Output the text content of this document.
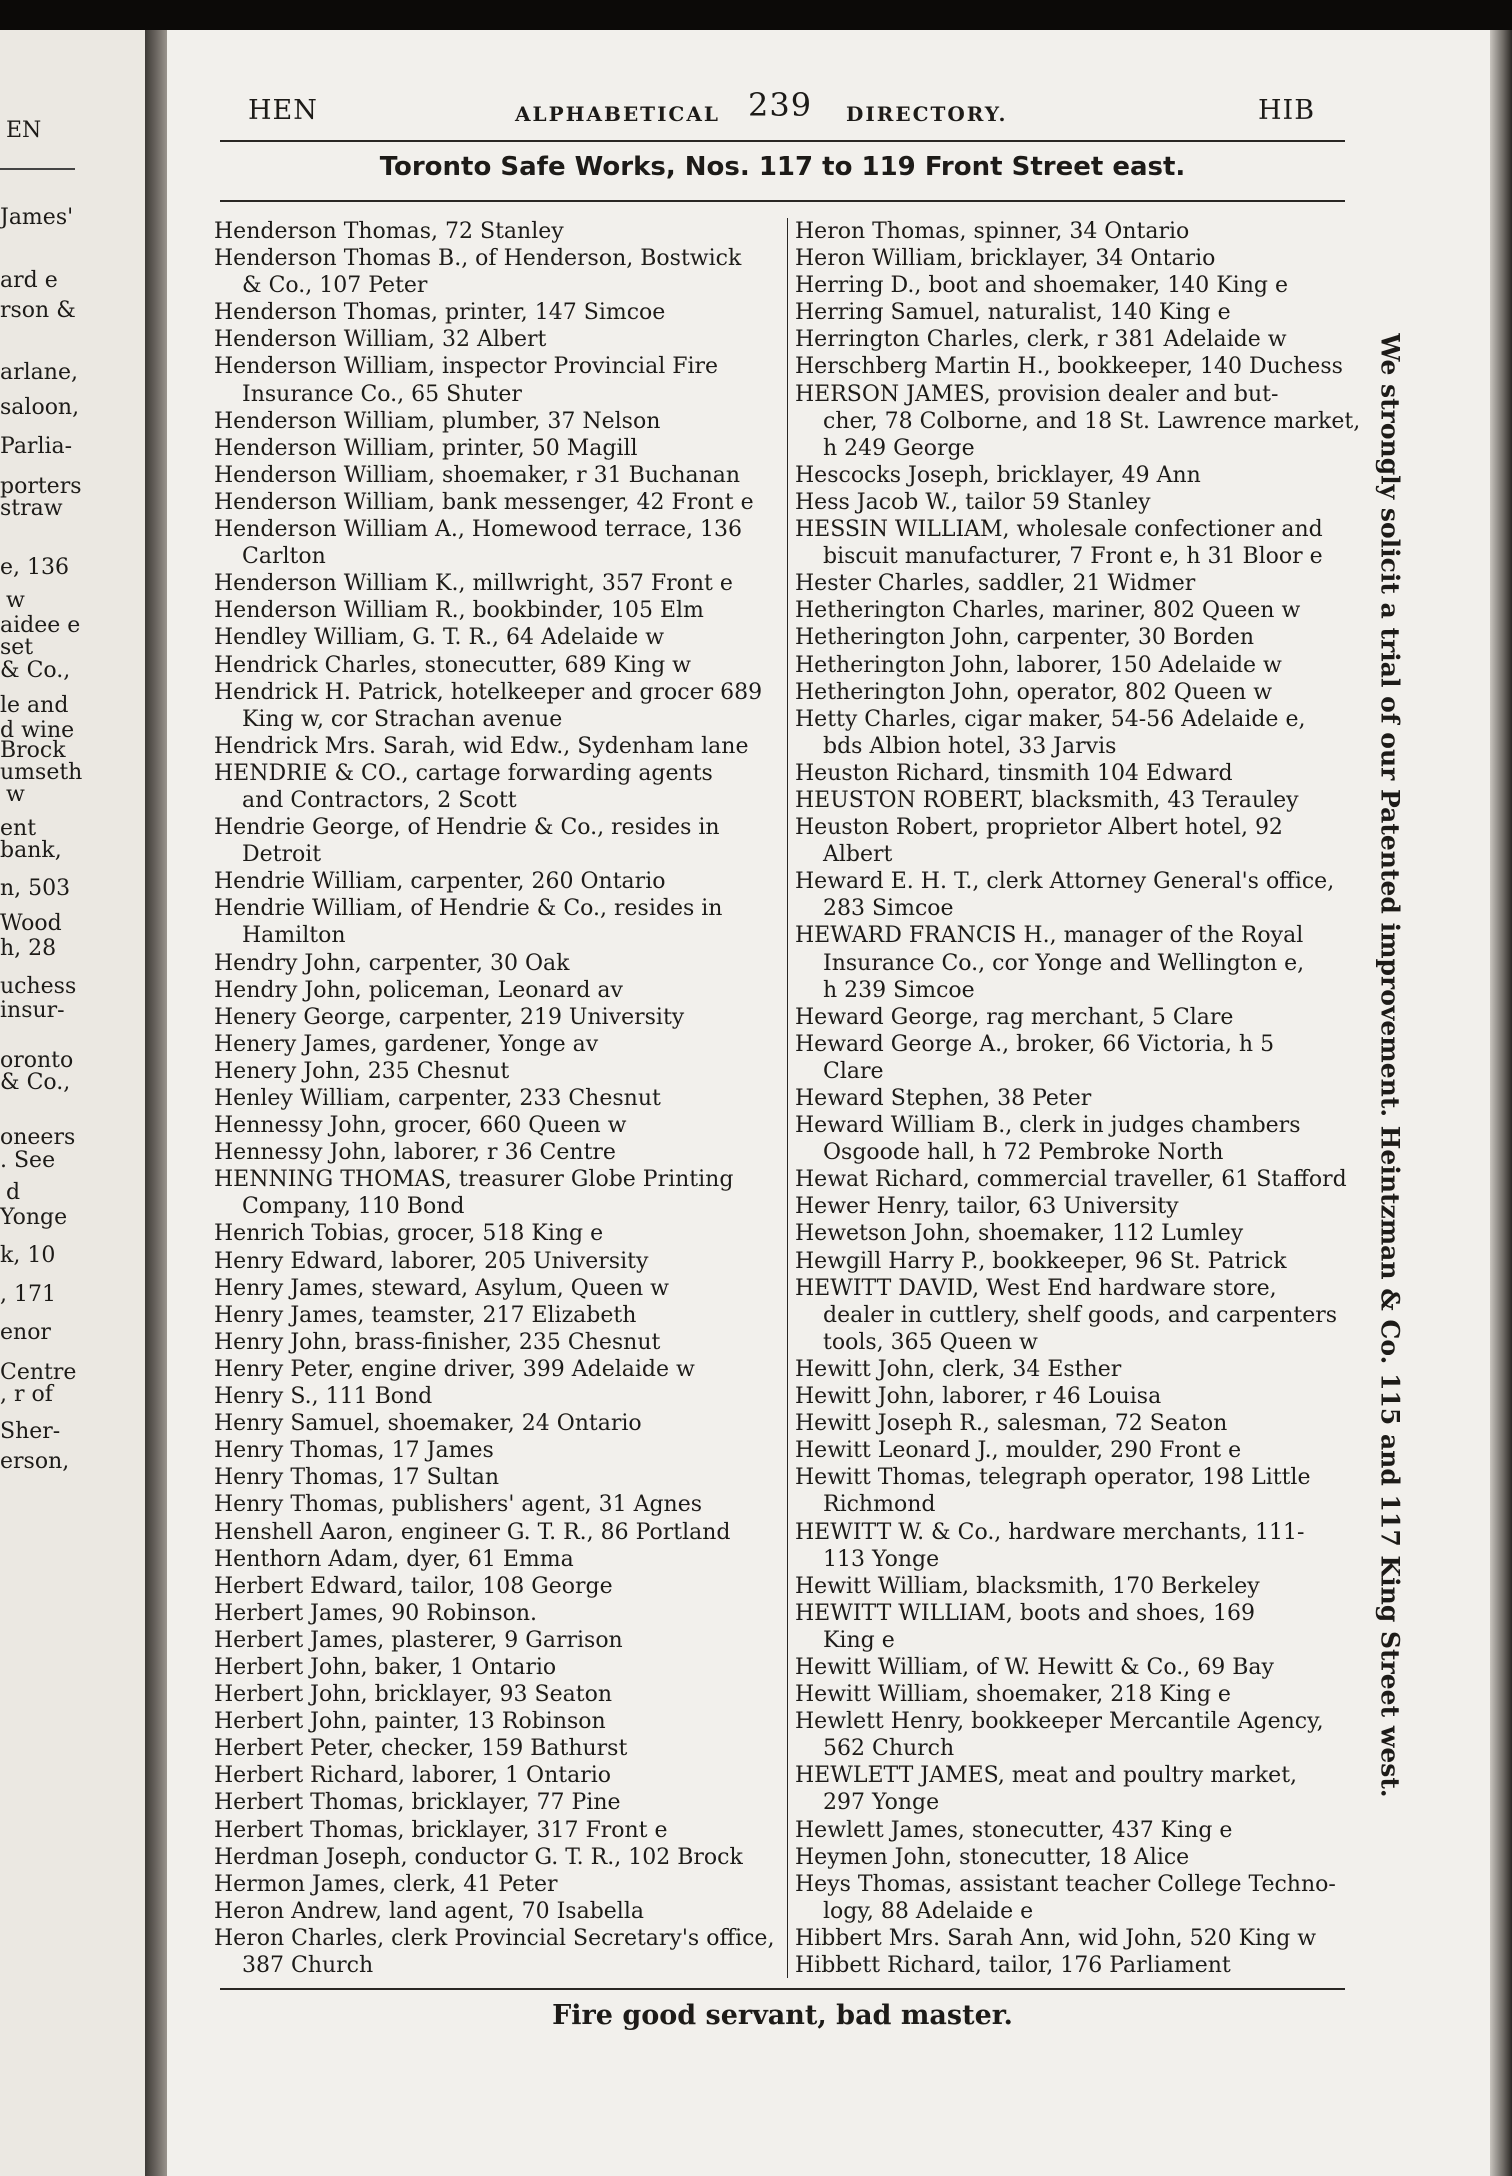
EN
James'
ard e
rson &
arlane,
saloon,
Parlia-
porters
straw
e, 136
w
aidee e
set
& Co.,
le and
d wine
Brock
umseth
w
ent
bank,
n, 503
Wood
h, 28
uchess
insur-
oronto
& Co.,
oneers
. See
d
Yonge
k, 10
, 171
enor
Centre
, r of
Sher-
erson,
HEN	ALPHABETICAL 239 DIRECTORY.	HIB
Toronto Safe Works, Nos. 117 to 119 Front Street east.
Henderson Thomas, 72 Stanley
Henderson Thomas B., of Henderson, Bostwick
& Co., 107 Peter
Henderson Thomas, printer, 147 Simcoe
Henderson William, 32 Albert
Henderson William, inspector Provincial Fire
Insurance Co., 65 Shuter
Henderson William, plumber, 37 Nelson
Henderson William, printer, 50 Magill
Henderson William, shoemaker, r 31 Buchanan
Henderson William, bank messenger, 42 Front e
Henderson William A., Homewood terrace, 136
Carlton
Henderson William K., millwright, 357 Front e
Henderson William R., bookbinder, 105 Elm
Hendley William, G. T. R., 64 Adelaide w
Hendrick Charles, stonecutter, 689 King w
Hendrick H. Patrick, hotelkeeper and grocer 689
King w, cor Strachan avenue
Hendrick Mrs. Sarah, wid Edw., Sydenham lane
HENDRIE & CO., cartage forwarding agents
and Contractors, 2 Scott
Hendrie George, of Hendrie & Co., resides in
Detroit
Hendrie William, carpenter, 260 Ontario
Hendrie William, of Hendrie & Co., resides in
Hamilton
Hendry John, carpenter, 30 Oak
Hendry John, policeman, Leonard av
Henery George, carpenter, 219 University
Henery James, gardener, Yonge av
Henery John, 235 Chesnut
Henley William, carpenter, 233 Chesnut
Hennessy John, grocer, 660 Queen w
Hennessy John, laborer, r 36 Centre
HENNING THOMAS, treasurer Globe Printing
Company, 110 Bond
Henrich Tobias, grocer, 518 King e
Henry Edward, laborer, 205 University
Henry James, steward, Asylum, Queen w
Henry James, teamster, 217 Elizabeth
Henry John, brass-finisher, 235 Chesnut
Henry Peter, engine driver, 399 Adelaide w
Henry S., 111 Bond
Henry Samuel, shoemaker, 24 Ontario
Henry Thomas, 17 James
Henry Thomas, 17 Sultan
Henry Thomas, publishers' agent, 31 Agnes
Henshell Aaron, engineer G. T. R., 86 Portland
Henthorn Adam, dyer, 61 Emma
Herbert Edward, tailor, 108 George
Herbert James, 90 Robinson.
Herbert James, plasterer, 9 Garrison
Herbert John, baker, 1 Ontario
Herbert John, bricklayer, 93 Seaton
Herbert John, painter, 13 Robinson
Herbert Peter, checker, 159 Bathurst
Herbert Richard, laborer, 1 Ontario
Herbert Thomas, bricklayer, 77 Pine
Herbert Thomas, bricklayer, 317 Front e
Herdman Joseph, conductor G. T. R., 102 Brock
Hermon James, clerk, 41 Peter
Heron Andrew, land agent, 70 Isabella
Heron Charles, clerk Provincial Secretary's office,
387 Church
Heron Thomas, spinner, 34 Ontario
Heron William, bricklayer, 34 Ontario
Herring D., boot and shoemaker, 140 King e
Herring Samuel, naturalist, 140 King e
Herrington Charles, clerk, r 381 Adelaide w
Herschberg Martin H., bookkeeper, 140 Duchess
HERSON JAMES, provision dealer and but-
cher, 78 Colborne, and 18 St. Lawrence market,
h 249 George
Hescocks Joseph, bricklayer, 49 Ann
Hess Jacob W., tailor 59 Stanley
HESSIN WILLIAM, wholesale confectioner and
biscuit manufacturer, 7 Front e, h 31 Bloor e
Hester Charles, saddler, 21 Widmer
Hetherington Charles, mariner, 802 Queen w
Hetherington John, carpenter, 30 Borden
Hetherington John, laborer, 150 Adelaide w
Hetherington John, operator, 802 Queen w
Hetty Charles, cigar maker, 54-56 Adelaide e,
bds Albion hotel, 33 Jarvis
Heuston Richard, tinsmith 104 Edward
HEUSTON ROBERT, blacksmith, 43 Terauley
Heuston Robert, proprietor Albert hotel, 92
Albert
Heward E. H. T., clerk Attorney General's office,
283 Simcoe
HEWARD FRANCIS H., manager of the Royal
Insurance Co., cor Yonge and Wellington e,
h 239 Simcoe
Heward George, rag merchant, 5 Clare
Heward George A., broker, 66 Victoria, h 5
Clare
Heward Stephen, 38 Peter
Heward William B., clerk in judges chambers
Osgoode hall, h 72 Pembroke North
Hewat Richard, commercial traveller, 61 Stafford
Hewer Henry, tailor, 63 University
Hewetson John, shoemaker, 112 Lumley
Hewgill Harry P., bookkeeper, 96 St. Patrick
HEWITT DAVID, West End hardware store,
dealer in cuttlery, shelf goods, and carpenters
tools, 365 Queen w
Hewitt John, clerk, 34 Esther
Hewitt John, laborer, r 46 Louisa
Hewitt Joseph R., salesman, 72 Seaton
Hewitt Leonard J., moulder, 290 Front e
Hewitt Thomas, telegraph operator, 198 Little
Richmond
HEWITT W. & Co., hardware merchants, 111-
113 Yonge
Hewitt William, blacksmith, 170 Berkeley
HEWITT WILLIAM, boots and shoes, 169
King e
Hewitt William, of W. Hewitt & Co., 69 Bay
Hewitt William, shoemaker, 218 King e
Hewlett Henry, bookkeeper Mercantile Agency,
562 Church
HEWLETT JAMES, meat and poultry market,
297 Yonge
Hewlett James, stonecutter, 437 King e
Heymen John, stonecutter, 18 Alice
Heys Thomas, assistant teacher College Techno-
logy, 88 Adelaide e
Hibbert Mrs. Sarah Ann, wid John, 520 King w
Hibbett Richard, tailor, 176 Parliament
We strongly solicit a trial of our Patented improvement. Heintzman & Co. 115 and 117 King Street west.
Fire good servant, bad master.
